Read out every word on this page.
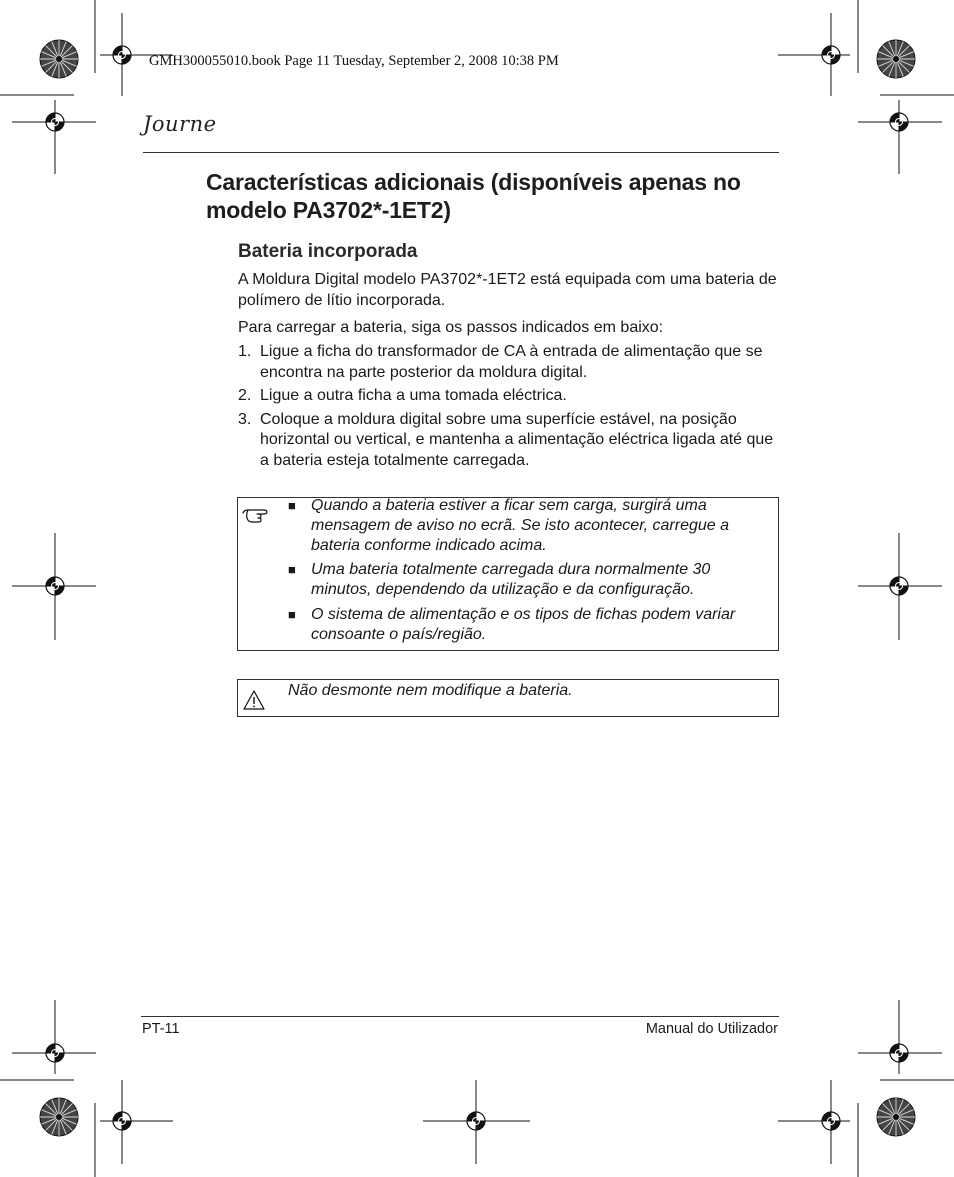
GMH300055010.book Page 11 Tuesday, September 2, 2008 10:38 PM
Journe
Características adicionais (disponíveis apenas no modelo PA3702*-1ET2)
Bateria incorporada

A Moldura Digital modelo PA3702*-1ET2 está equipada com uma bateria de polímero de lítio incorporada.

Para carregar a bateria, siga os passos indicados em baixo:

1. Ligue a ficha do transformador de CA à entrada de alimentação que se encontra na parte posterior da moldura digital.
2. Ligue a outra ficha a uma tomada eléctrica.
3. Coloque a moldura digital sobre uma superfície estável, na posição horizontal ou vertical, e mantenha a alimentação eléctrica ligada até que a bateria esteja totalmente carregada.
■ Quando a bateria estiver a ficar sem carga, surgirá uma mensagem de aviso no ecrã. Se isto acontecer, carregue a bateria conforme indicado acima.
■ Uma bateria totalmente carregada dura normalmente 30 minutos, dependendo da utilização e da configuração.
■ O sistema de alimentação e os tipos de fichas podem variar consoante o país/região.
Não desmonte nem modifique a bateria.
PT-11	Manual do Utilizador
